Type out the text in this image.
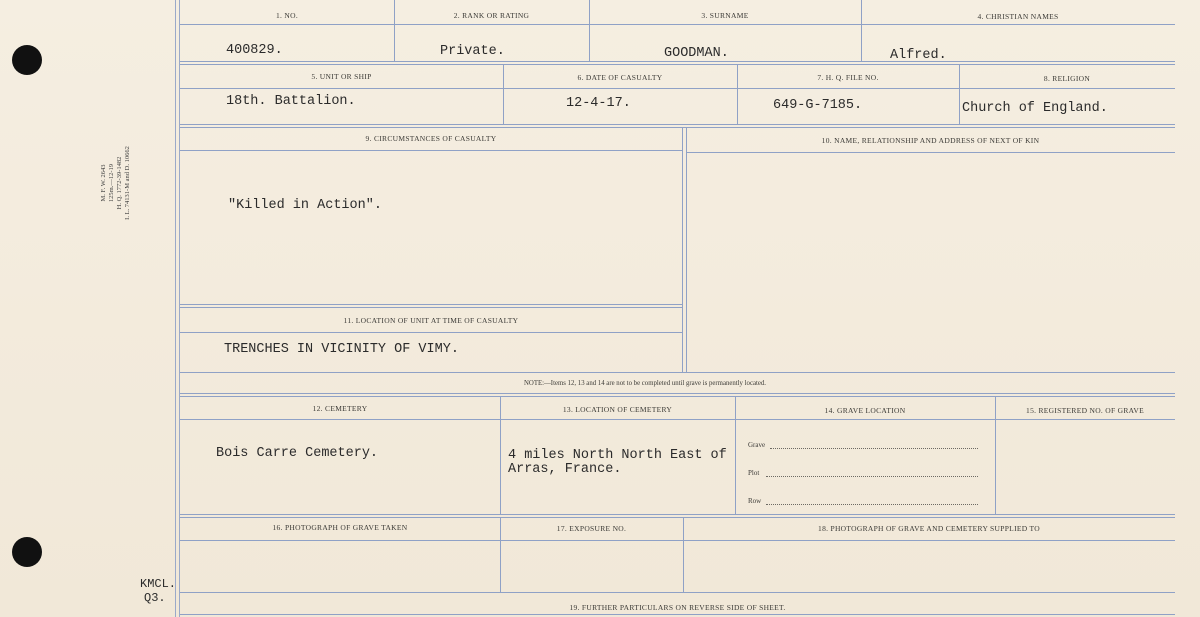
M. F. W. 2643 125m.—12-19 H. Q. 1772-39-1482 I. L. 74131-M and D. 10662
1. NO.	2. RANK OR RATING	3. SURNAME	4. CHRISTIAN NAMES
400829.	Private.	GOODMAN.	Alfred.
5. UNIT OR SHIP	6. DATE OF CASUALTY	7. H. Q. FILE NO.	8. RELIGION
18th. Battalion.	12-4-17.	649-G-7185.	Church of England.
9. CIRCUMSTANCES OF CASUALTY	10. NAME, RELATIONSHIP AND ADDRESS OF NEXT OF KIN
"Killed in Action".
11. LOCATION OF UNIT AT TIME OF CASUALTY
TRENCHES IN VICINITY OF VIMY.
NOTE:—Items 12, 13 and 14 are not to be completed until grave is permanently located.
12. CEMETERY	13. LOCATION OF CEMETERY	14. GRAVE LOCATION	15. REGISTERED NO. OF GRAVE
Bois Carre Cemetery.	4 miles North North East of
Arras, France.
Grave
Plot
Row
16. PHOTOGRAPH OF GRAVE TAKEN	17. EXPOSURE NO.	18. PHOTOGRAPH OF GRAVE AND CEMETERY SUPPLIED TO
19. FURTHER PARTICULARS ON REVERSE SIDE OF SHEET.
KMCL.
Q3.
